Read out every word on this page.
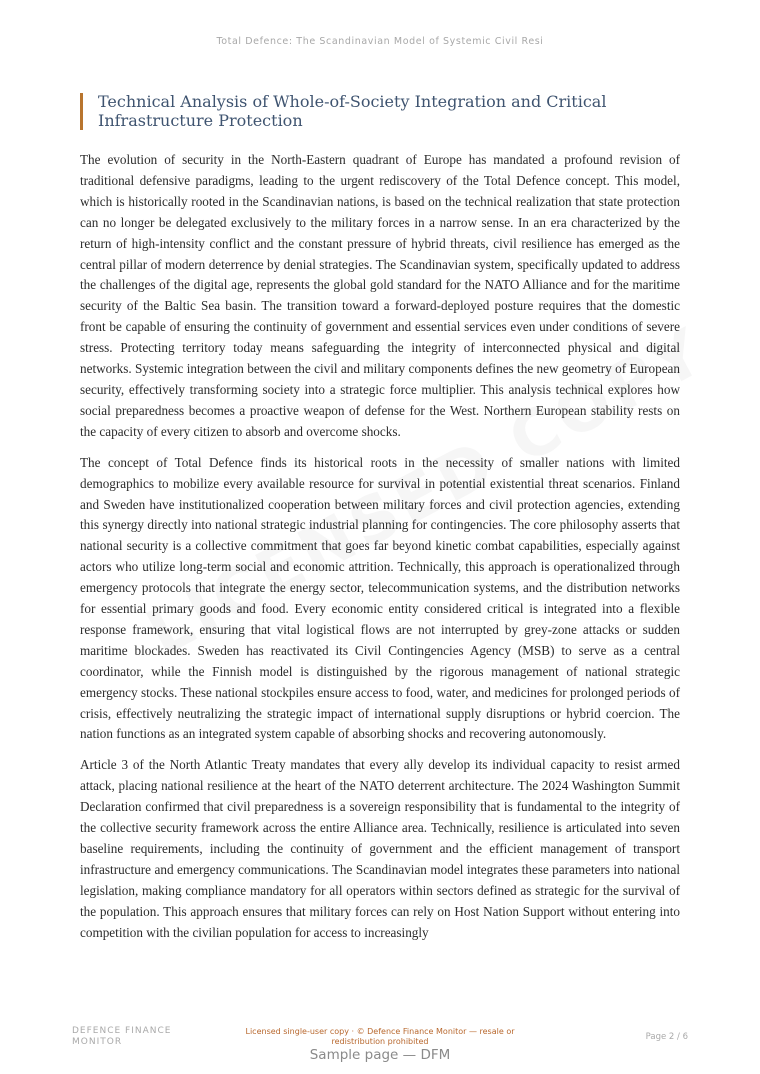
Total Defence: The Scandinavian Model of Systemic Civil Resi
Technical Analysis of Whole-of-Society Integration and Critical Infrastructure Protection

The evolution of security in the North-Eastern quadrant of Europe has mandated a profound revision of traditional defensive paradigms, leading to the urgent rediscovery of the Total Defence concept. This model, which is historically rooted in the Scandinavian nations, is based on the technical realization that state protection can no longer be delegated exclusively to the military forces in a narrow sense. In an era characterized by the return of high-intensity conflict and the constant pressure of hybrid threats, civil resilience has emerged as the central pillar of modern deterrence by denial strategies. The Scandinavian system, specifically updated to address the challenges of the digital age, represents the global gold standard for the NATO Alliance and for the maritime security of the Baltic Sea basin. The transition toward a forward-deployed posture requires that the domestic front be capable of ensuring the continuity of government and essential services even under conditions of severe stress. Protecting territory today means safeguarding the integrity of interconnected physical and digital networks. Systemic integration between the civil and military components defines the new geometry of European security, effectively transforming society into a strategic force multiplier. This analysis technical explores how social preparedness becomes a proactive weapon of defense for the West. Northern European stability rests on the capacity of every citizen to absorb and overcome shocks.

The concept of Total Defence finds its historical roots in the necessity of smaller nations with limited demographics to mobilize every available resource for survival in potential existential threat scenarios. Finland and Sweden have institutionalized cooperation between military forces and civil protection agencies, extending this synergy directly into national strategic industrial planning for contingencies. The core philosophy asserts that national security is a collective commitment that goes far beyond kinetic combat capabilities, especially against actors who utilize long-term social and economic attrition. Technically, this approach is operationalized through emergency protocols that integrate the energy sector, telecommunication systems, and the distribution networks for essential primary goods and food. Every economic entity considered critical is integrated into a flexible response framework, ensuring that vital logistical flows are not interrupted by grey-zone attacks or sudden maritime blockades. Sweden has reactivated its Civil Contingencies Agency (MSB) to serve as a central coordinator, while the Finnish model is distinguished by the rigorous management of national strategic emergency stocks. These national stockpiles ensure access to food, water, and medicines for prolonged periods of crisis, effectively neutralizing the strategic impact of international supply disruptions or hybrid coercion. The nation functions as an integrated system capable of absorbing shocks and recovering autonomously.

Article 3 of the North Atlantic Treaty mandates that every ally develop its individual capacity to resist armed attack, placing national resilience at the heart of the NATO deterrent architecture. The 2024 Washington Summit Declaration confirmed that civil preparedness is a sovereign responsibility that is fundamental to the integrity of the collective security framework across the entire Alliance area. Technically, resilience is articulated into seven baseline requirements, including the continuity of government and the efficient management of transport infrastructure and emergency communications. The Scandinavian model integrates these parameters into national legislation, making compliance mandatory for all operators within sectors defined as strategic for the survival of the population. This approach ensures that military forces can rely on Host Nation Support without entering into competition with the civilian population for access to increasingly

DEFENCE FINANCE MONITOR
Licensed single-user copy · © Defence Finance Monitor — resale or redistribution prohibited	Page 2 / 6
Sample page — DFM
